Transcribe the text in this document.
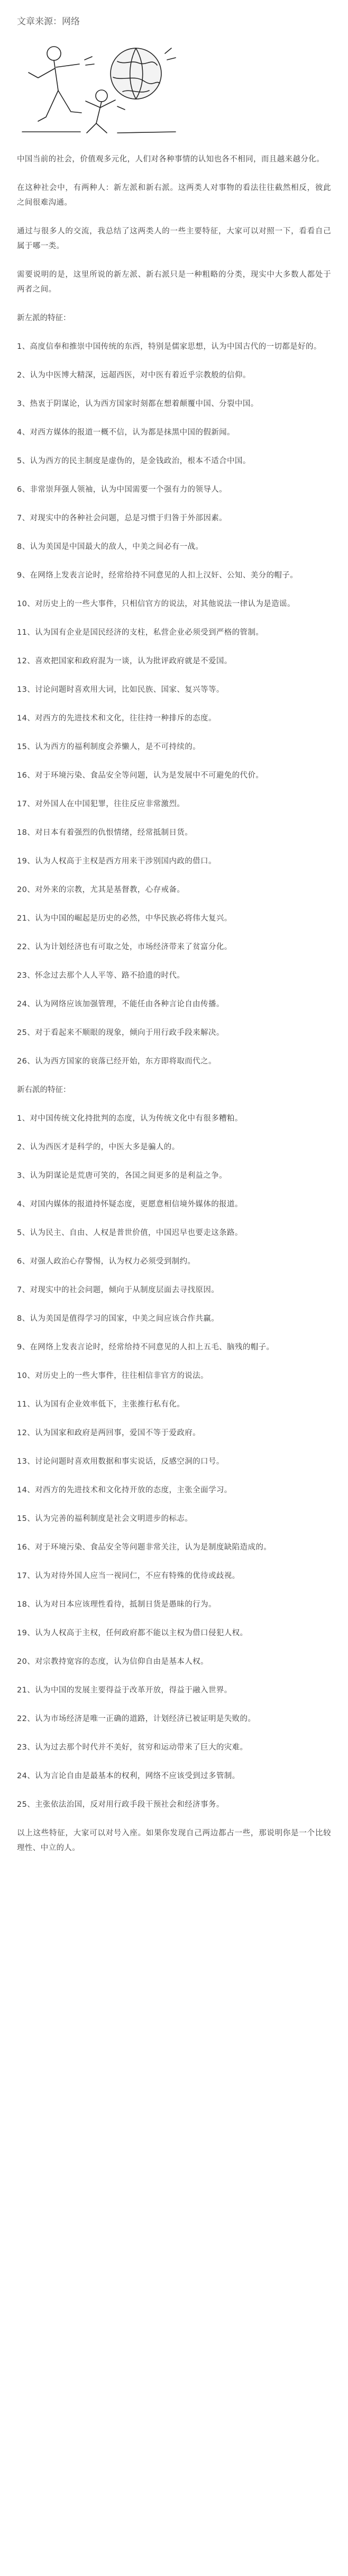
文章来源：网络

中国当前的社会，价值观多元化，人们对各种事情的认知也各不相同，而且越来越分化。

在这种社会中，有两种人：新左派和新右派。这两类人对事物的看法往往截然相反，彼此之间很难沟通。

通过与很多人的交流，我总结了这两类人的一些主要特征，大家可以对照一下，看看自己属于哪一类。

需要说明的是，这里所说的新左派、新右派只是一种粗略的分类，现实中大多数人都处于两者之间。

新左派的特征：

1、高度信奉和推崇中国传统的东西，特别是儒家思想，认为中国古代的一切都是好的。

2、认为中医博大精深，远超西医，对中医有着近乎宗教般的信仰。

3、热衷于阴谋论，认为西方国家时刻都在想着颠覆中国、分裂中国。

4、对西方媒体的报道一概不信，认为都是抹黑中国的假新闻。

5、认为西方的民主制度是虚伪的，是金钱政治，根本不适合中国。

6、非常崇拜强人领袖，认为中国需要一个强有力的领导人。

7、对现实中的各种社会问题，总是习惯于归咎于外部因素。

8、认为美国是中国最大的敌人，中美之间必有一战。

9、在网络上发表言论时，经常给持不同意见的人扣上汉奸、公知、美分的帽子。

10、对历史上的一些大事件，只相信官方的说法，对其他说法一律认为是造谣。

11、认为国有企业是国民经济的支柱，私营企业必须受到严格的管制。

12、喜欢把国家和政府混为一谈，认为批评政府就是不爱国。

13、讨论问题时喜欢用大词，比如民族、国家、复兴等等。

14、对西方的先进技术和文化，往往持一种排斥的态度。

15、认为西方的福利制度会养懒人，是不可持续的。

16、对于环境污染、食品安全等问题，认为是发展中不可避免的代价。

17、对外国人在中国犯罪，往往反应非常激烈。

18、对日本有着强烈的仇恨情绪，经常抵制日货。

19、认为人权高于主权是西方用来干涉别国内政的借口。

20、对外来的宗教，尤其是基督教，心存戒备。

21、认为中国的崛起是历史的必然，中华民族必将伟大复兴。

22、认为计划经济也有可取之处，市场经济带来了贫富分化。

23、怀念过去那个人人平等、路不拾遗的时代。

24、认为网络应该加强管理，不能任由各种言论自由传播。

25、对于看起来不顺眼的现象，倾向于用行政手段来解决。

26、认为西方国家的衰落已经开始，东方即将取而代之。

新右派的特征：

1、对中国传统文化持批判的态度，认为传统文化中有很多糟粕。

2、认为西医才是科学的，中医大多是骗人的。

3、认为阴谋论是荒唐可笑的，各国之间更多的是利益之争。

4、对国内媒体的报道持怀疑态度，更愿意相信境外媒体的报道。

5、认为民主、自由、人权是普世价值，中国迟早也要走这条路。

6、对强人政治心存警惕，认为权力必须受到制约。

7、对现实中的社会问题，倾向于从制度层面去寻找原因。

8、认为美国是值得学习的国家，中美之间应该合作共赢。

9、在网络上发表言论时，经常给持不同意见的人扣上五毛、脑残的帽子。

10、对历史上的一些大事件，往往相信非官方的说法。

11、认为国有企业效率低下，主张推行私有化。

12、认为国家和政府是两回事，爱国不等于爱政府。

13、讨论问题时喜欢用数据和事实说话，反感空洞的口号。

14、对西方的先进技术和文化持开放的态度，主张全面学习。

15、认为完善的福利制度是社会文明进步的标志。

16、对于环境污染、食品安全等问题非常关注，认为是制度缺陷造成的。

17、认为对待外国人应当一视同仁，不应有特殊的优待或歧视。

18、认为对日本应该理性看待，抵制日货是愚昧的行为。

19、认为人权高于主权，任何政府都不能以主权为借口侵犯人权。

20、对宗教持宽容的态度，认为信仰自由是基本人权。

21、认为中国的发展主要得益于改革开放，得益于融入世界。

22、认为市场经济是唯一正确的道路，计划经济已被证明是失败的。

23、认为过去那个时代并不美好，贫穷和运动带来了巨大的灾难。

24、认为言论自由是最基本的权利，网络不应该受到过多管制。

25、主张依法治国，反对用行政手段干预社会和经济事务。

以上这些特征，大家可以对号入座。如果你发现自己两边都占一些，那说明你是一个比较理性、中立的人。
